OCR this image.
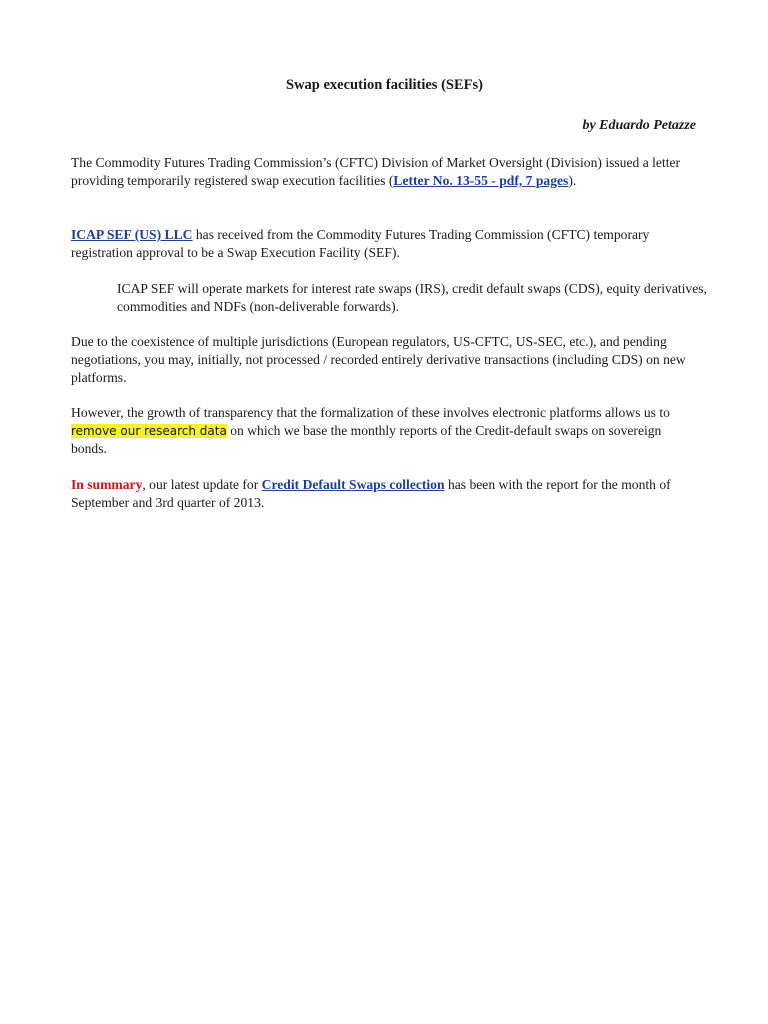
Swap execution facilities (SEFs)
by Eduardo Petazze

The Commodity Futures Trading Commission’s (CFTC) Division of Market Oversight (Division) issued a letter providing temporarily registered swap execution facilities (Letter No. 13-55 - pdf, 7 pages).

ICAP SEF (US) LLC has received from the Commodity Futures Trading Commission (CFTC) temporary registration approval to be a Swap Execution Facility (SEF).

ICAP SEF will operate markets for interest rate swaps (IRS), credit default swaps (CDS), equity derivatives, commodities and NDFs (non-deliverable forwards).

Due to the coexistence of multiple jurisdictions (European regulators, US-CFTC, US-SEC, etc.), and pending negotiations, you may, initially, not processed / recorded entirely derivative transactions (including CDS) on new platforms.

However, the growth of transparency that the formalization of these involves electronic platforms allows us to remove our research data on which we base the monthly reports of the Credit-default swaps on sovereign bonds.

In summary, our latest update for Credit Default Swaps collection has been with the report for the month of September and 3rd quarter of 2013.
